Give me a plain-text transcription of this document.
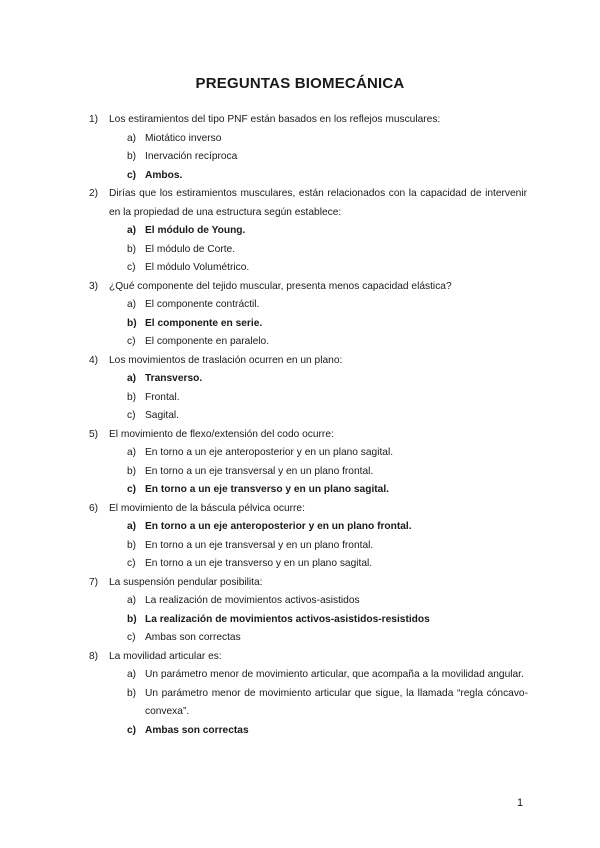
PREGUNTAS BIOMECÁNICA
1) Los estiramientos del tipo PNF están basados en los reflejos musculares:
a) Miotático inverso
b) Inervación recíproca
c) Ambos.
2) Dirías que los estiramientos musculares, están relacionados con la capacidad de intervenir en la propiedad de una estructura según establece:
a) El módulo de Young.
b) El módulo de Corte.
c) El módulo Volumétrico.
3) ¿Qué componente del tejido muscular, presenta menos capacidad elástica?
a) El componente contráctil.
b) El componente en serie.
c) El componente en paralelo.
4) Los movimientos de traslación ocurren en un plano:
a) Transverso.
b) Frontal.
c) Sagital.
5) El movimiento de flexo/extensión del codo ocurre:
a) En torno a un eje anteroposterior y en un plano sagital.
b) En torno a un eje transversal y en un plano frontal.
c) En torno a un eje transverso y en un plano sagital.
6) El movimiento de la báscula pélvica ocurre:
a) En torno a un eje anteroposterior y en un plano frontal.
b) En torno a un eje transversal y en un plano frontal.
c) En torno a un eje transverso y en un plano sagital.
7) La suspensión pendular posibilita:
a) La realización de movimientos activos-asistidos
b) La realización de movimientos activos-asistidos-resistidos
c) Ambas son correctas
8) La movilidad articular es:
a) Un parámetro menor de movimiento articular, que acompaña a la movilidad angular.
b) Un parámetro menor de movimiento articular que sigue, la llamada “regla cóncavo-convexa”.
c) Ambas son correctas
1
